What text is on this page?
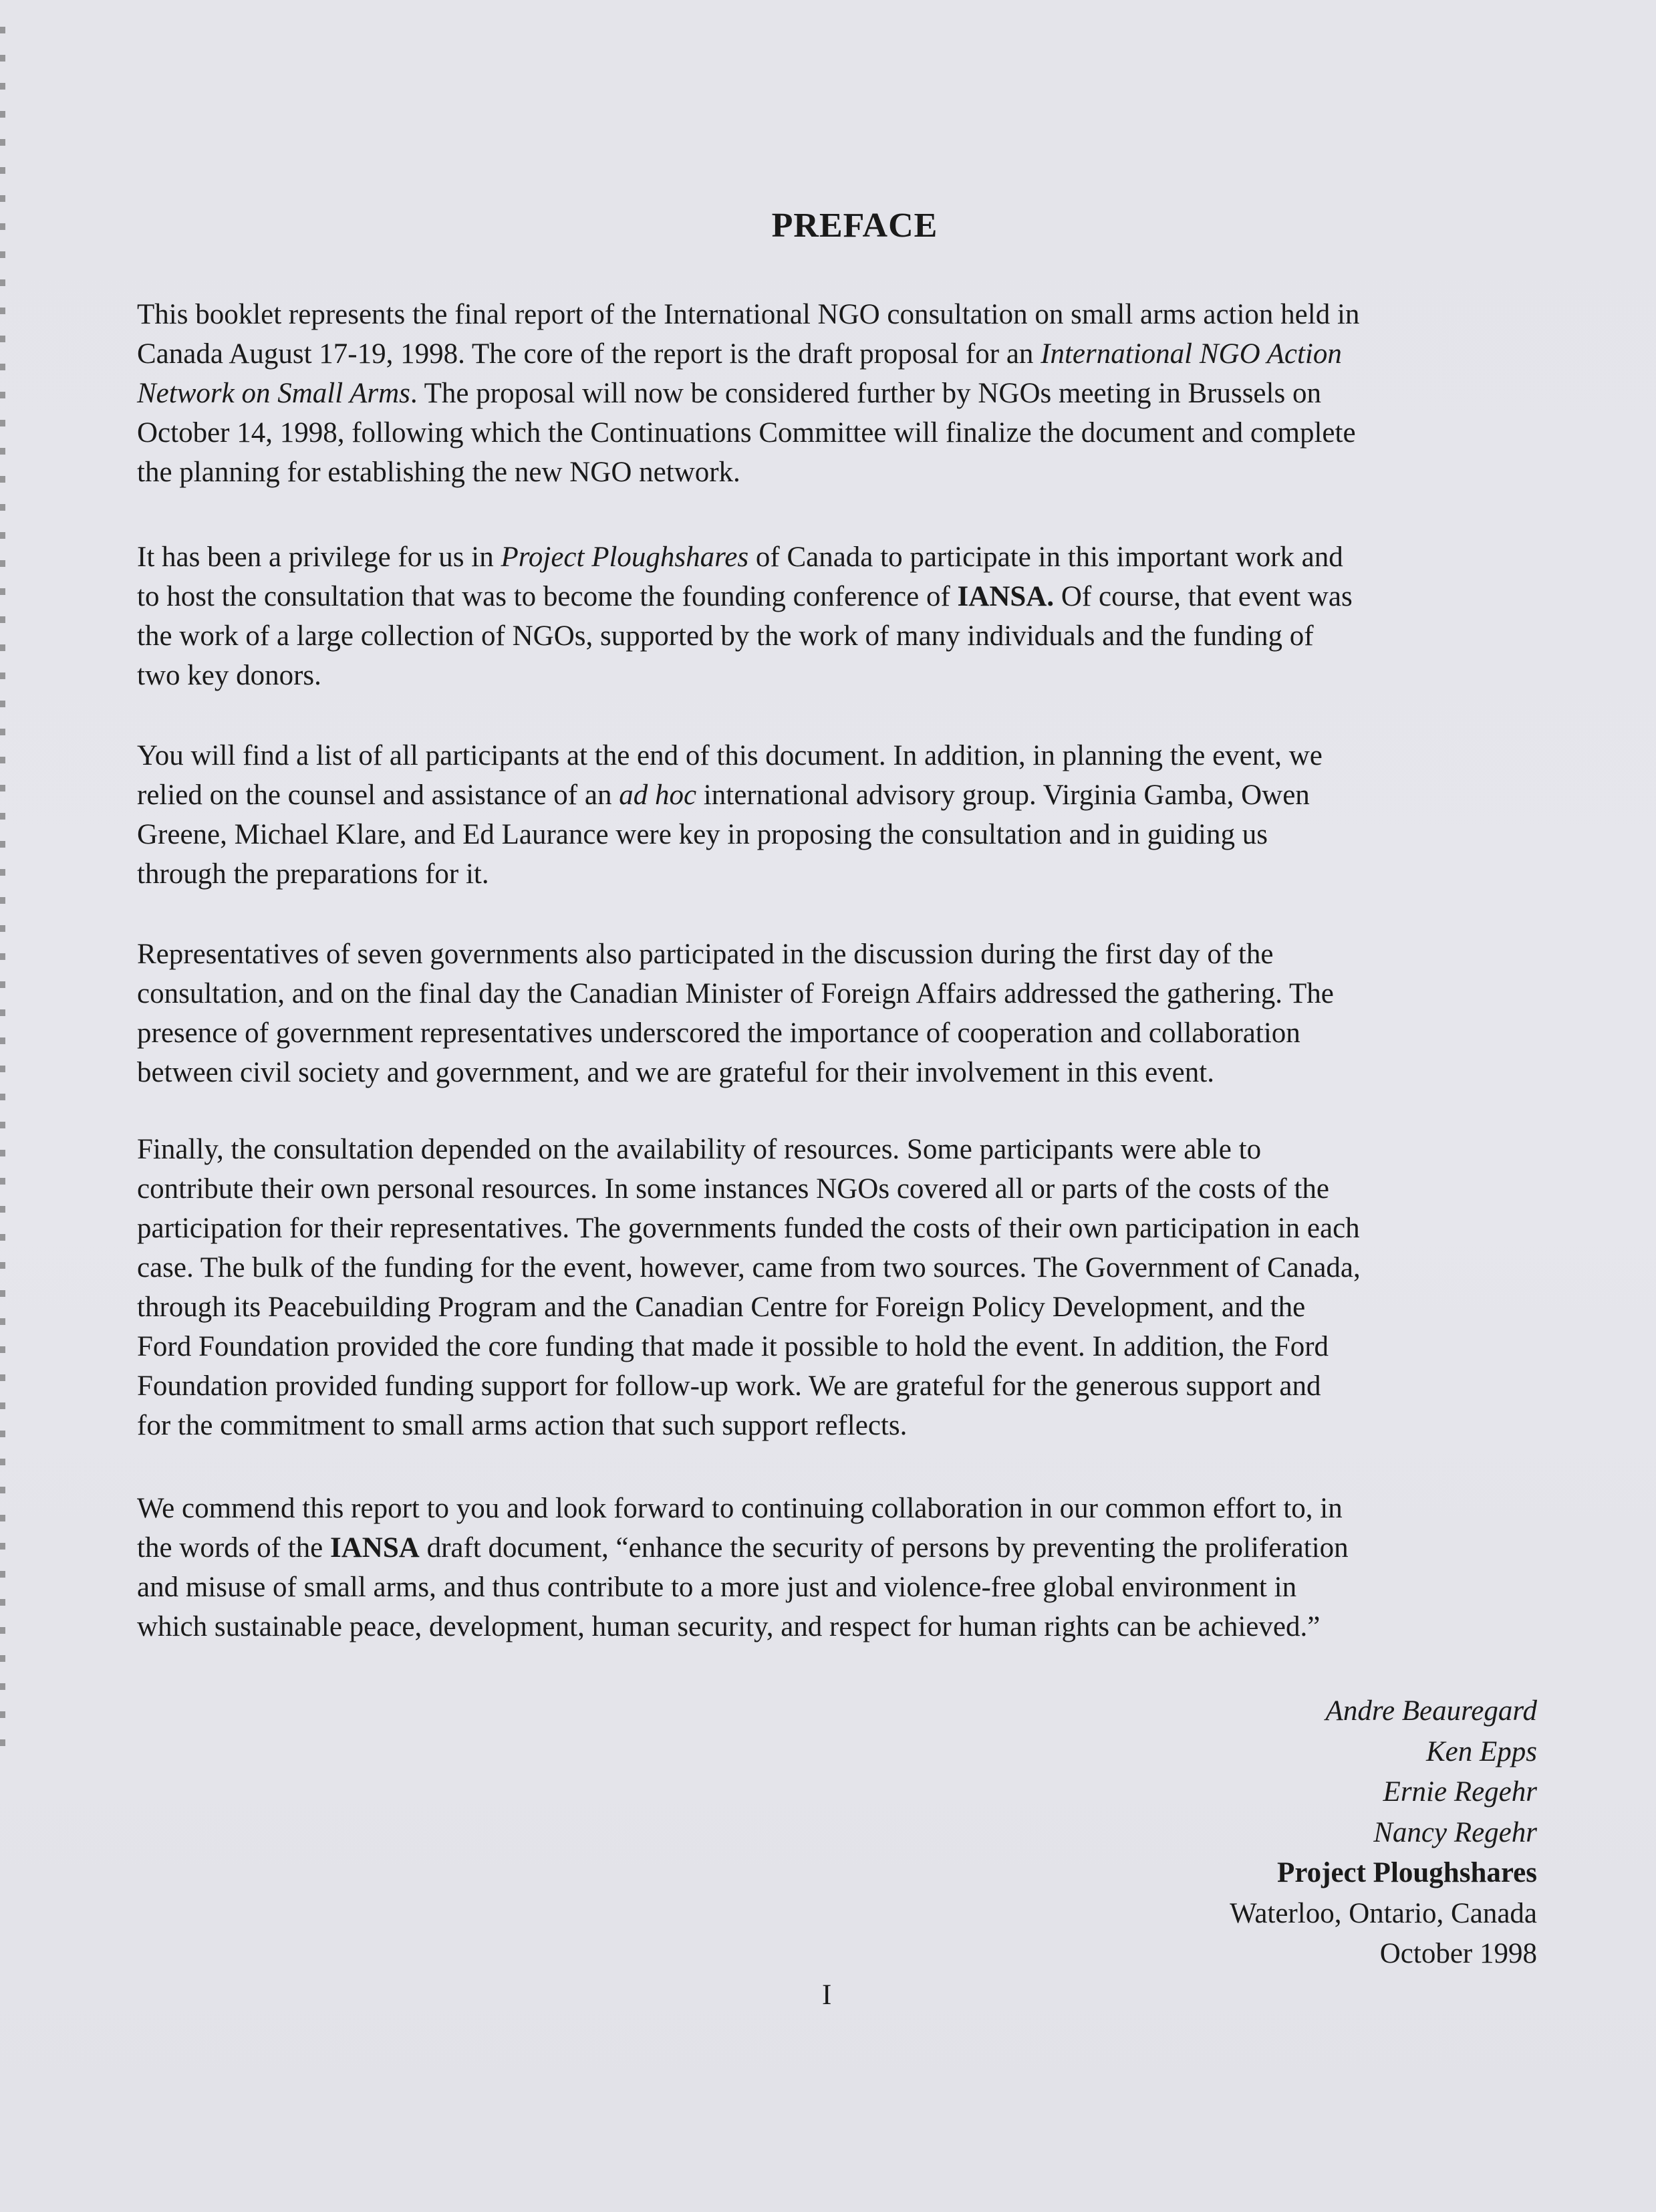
PREFACE

This booklet represents the final report of the International NGO consultation on small arms action held in
Canada August 17-19, 1998. The core of the report is the draft proposal for an International NGO Action
Network on Small Arms. The proposal will now be considered further by NGOs meeting in Brussels on
October 14, 1998, following which the Continuations Committee will finalize the document and complete
the planning for establishing the new NGO network.

It has been a privilege for us in Project Ploughshares of Canada to participate in this important work and
to host the consultation that was to become the founding conference of IANSA. Of course, that event was
the work of a large collection of NGOs, supported by the work of many individuals and the funding of
two key donors.

You will find a list of all participants at the end of this document. In addition, in planning the event, we
relied on the counsel and assistance of an ad hoc international advisory group. Virginia Gamba, Owen
Greene, Michael Klare, and Ed Laurance were key in proposing the consultation and in guiding us
through the preparations for it.

Representatives of seven governments also participated in the discussion during the first day of the
consultation, and on the final day the Canadian Minister of Foreign Affairs addressed the gathering. The
presence of government representatives underscored the importance of cooperation and collaboration
between civil society and government, and we are grateful for their involvement in this event.

Finally, the consultation depended on the availability of resources. Some participants were able to
contribute their own personal resources. In some instances NGOs covered all or parts of the costs of the
participation for their representatives. The governments funded the costs of their own participation in each
case. The bulk of the funding for the event, however, came from two sources. The Government of Canada,
through its Peacebuilding Program and the Canadian Centre for Foreign Policy Development, and the
Ford Foundation provided the core funding that made it possible to hold the event. In addition, the Ford
Foundation provided funding support for follow-up work. We are grateful for the generous support and
for the commitment to small arms action that such support reflects.

We commend this report to you and look forward to continuing collaboration in our common effort to, in
the words of the IANSA draft document, “enhance the security of persons by preventing the proliferation
and misuse of small arms, and thus contribute to a more just and violence-free global environment in
which sustainable peace, development, human security, and respect for human rights can be achieved.”

Andre Beauregard
Ken Epps
Ernie Regehr
Nancy Regehr
Project Ploughshares
Waterloo, Ontario, Canada
October 1998
I
